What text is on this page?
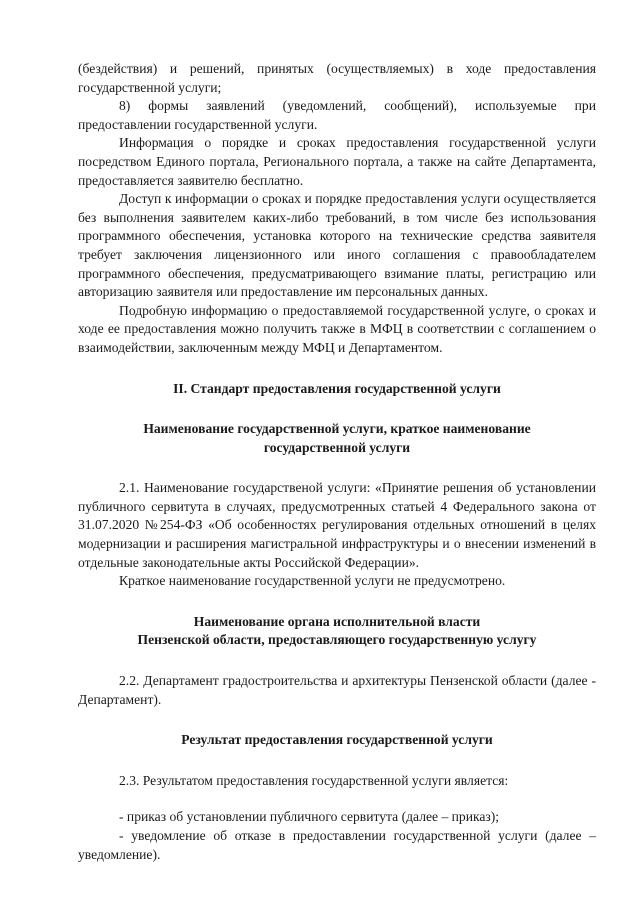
(бездействия) и решений, принятых (осуществляемых) в ходе предоставления государственной услуги;

8) формы заявлений (уведомлений, сообщений), используемые при предоставлении государственной услуги.

Информация о порядке и сроках предоставления государственной услуги посредством Единого портала, Регионального портала, а также на сайте Департамента, предоставляется заявителю бесплатно.

Доступ к информации о сроках и порядке предоставления услуги осуществляется без выполнения заявителем каких-либо требований, в том числе без использования программного обеспечения, установка которого на технические средства заявителя требует заключения лицензионного или иного соглашения с правообладателем программного обеспечения, предусматривающего взимание платы, регистрацию или авторизацию заявителя или предоставление им персональных данных.

Подробную информацию о предоставляемой государственной услуге, о сроках и ходе ее предоставления можно получить также в МФЦ в соответствии с соглашением о взаимодействии, заключенным между МФЦ и Департаментом.

II. Стандарт предоставления государственной услуги

Наименование государственной услуги, краткое наименование
государственной услуги

2.1. Наименование государственой услуги: «Принятие решения об установлении публичного сервитута в случаях, предусмотренных статьей 4 Федерального закона от 31.07.2020 №254-ФЗ «Об особенностях регулирования отдельных отношений в целях модернизации и расширения магистральной инфраструктуры и о внесении изменений в отдельные законодательные акты Российской Федерации».

Краткое наименование государственной услуги не предусмотрено.

Наименование органа исполнительной власти
Пензенской области, предоставляющего государственную услугу

2.2. Департамент градостроительства и архитектуры Пензенской области (далее - Департамент).

Результат предоставления государственной услуги

2.3. Результатом предоставления государственной услуги является:

- приказ об установлении публичного сервитута (далее – приказ);

- уведомление об отказе в предоставлении государственной услуги (далее – уведомление).
